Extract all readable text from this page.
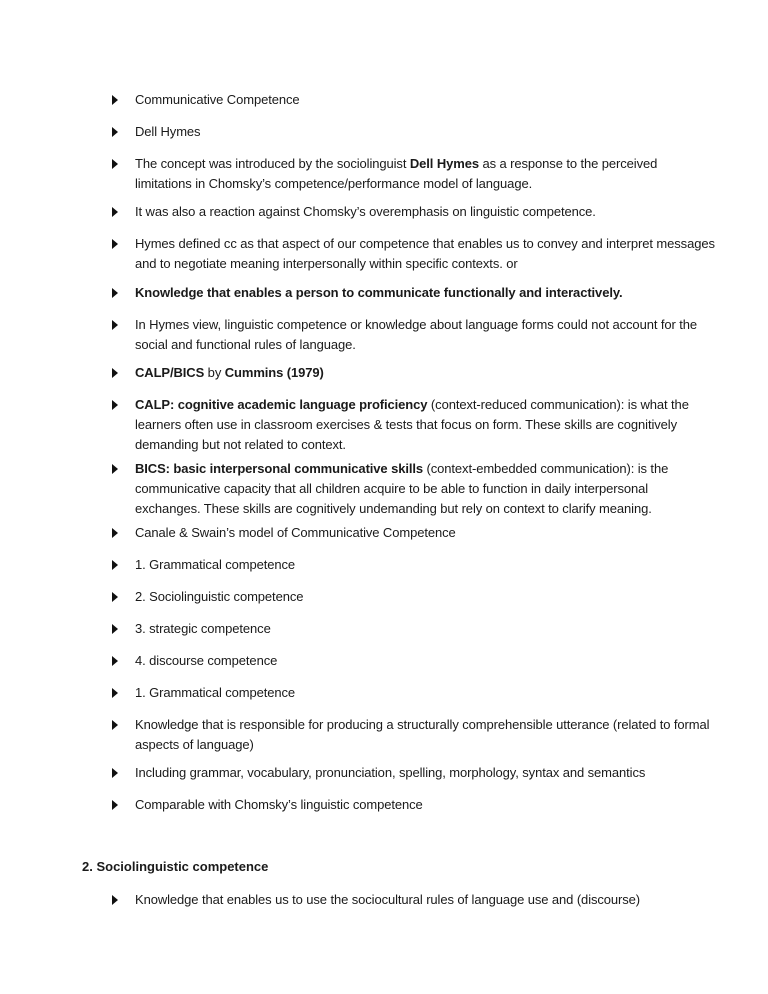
Communicative Competence
Dell Hymes
The concept was introduced by the sociolinguist Dell Hymes as a response to the perceived limitations in Chomsky’s competence/performance model of language.
It was also a reaction against Chomsky’s overemphasis on linguistic competence.
Hymes defined cc as that aspect of our competence that enables us to convey and interpret messages and to negotiate meaning interpersonally within specific contexts. or
Knowledge that enables a person to communicate functionally and interactively.
In Hymes view, linguistic competence or knowledge about language forms could not account for the social and functional rules of language.
CALP/BICS by Cummins (1979)
CALP: cognitive academic language proficiency (context-reduced communication): is what the learners often use in classroom exercises & tests that focus on form. These skills are cognitively demanding but not related to context.
BICS: basic interpersonal communicative skills (context-embedded communication): is the communicative capacity that all children acquire to be able to function in daily interpersonal exchanges. These skills are cognitively undemanding but rely on context to clarify meaning.
Canale & Swain’s model of Communicative Competence
1. Grammatical competence
2. Sociolinguistic competence
3. strategic competence
4. discourse competence
1. Grammatical competence
Knowledge that is responsible for producing a structurally comprehensible utterance (related to formal aspects of language)
Including grammar, vocabulary, pronunciation, spelling, morphology, syntax and semantics
Comparable with Chomsky’s linguistic competence
2. Sociolinguistic competence
Knowledge that enables us to use the sociocultural rules of language use and (discourse)
